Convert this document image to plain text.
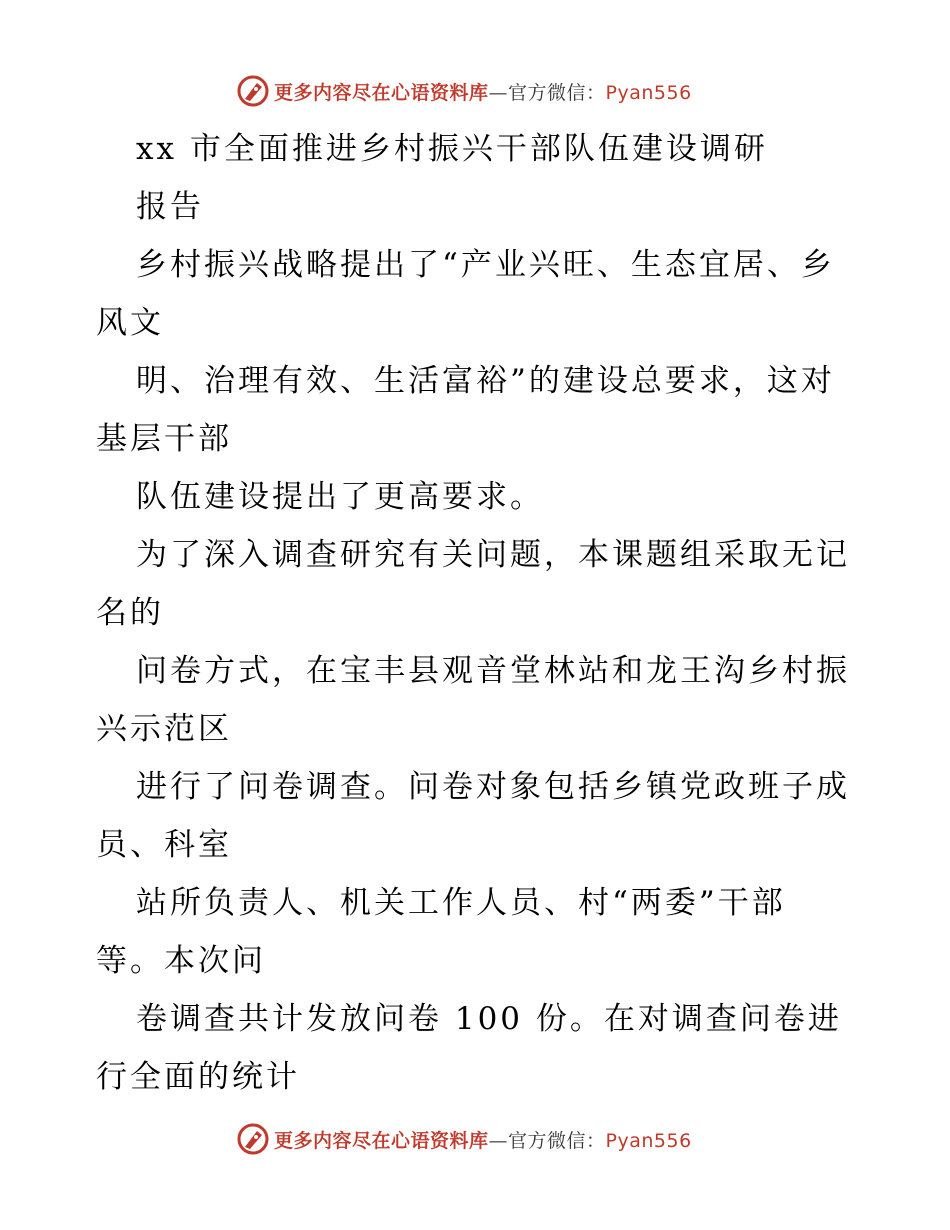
更多内容尽在心语资料库—官方微信：Pyan556
xx 市全面推进乡村振兴干部队伍建设调研
报告
乡村振兴战略提出了“产业兴旺、生态宜居、乡
风文
明、治理有效、生活富裕”的建设总要求，这对
基层干部
队伍建设提出了更高要求。
为了深入调查研究有关问题，本课题组采取无记
名的
问卷方式，在宝丰县观音堂林站和龙王沟乡村振
兴示范区
进行了问卷调查。问卷对象包括乡镇党政班子成
员、科室
站所负责人、机关工作人员、村“两委”干部
等。本次问
卷调查共计发放问卷 100 份。在对调查问卷进
行全面的统计
更多内容尽在心语资料库—官方微信：Pyan556
